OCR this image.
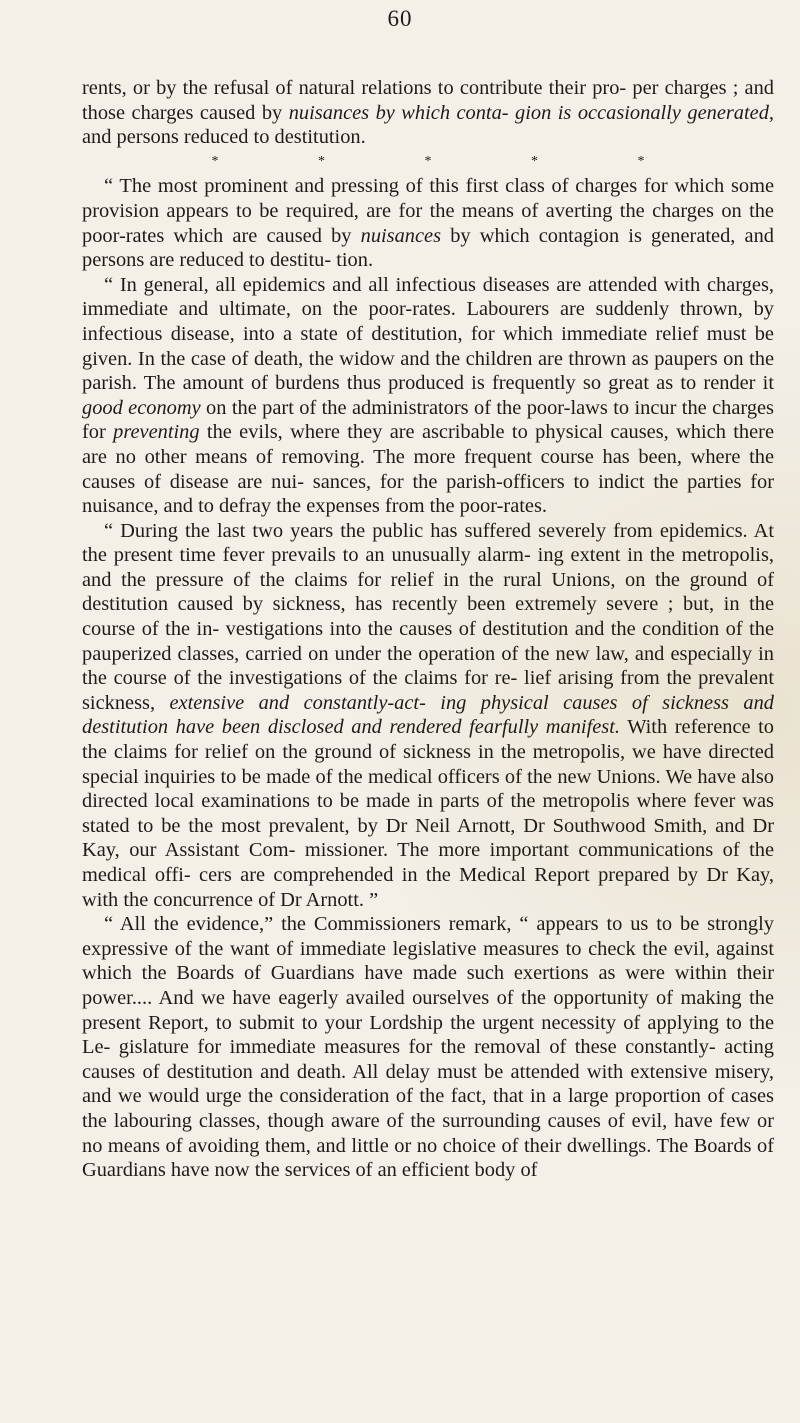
60

rents, or by the refusal of natural relations to contribute their pro- per charges ; and those charges caused by nuisances by which conta- gion is occasionally generated, and persons reduced to destitution.

* * * * *

“ The most prominent and pressing of this first class of charges for which some provision appears to be required, are for the means of averting the charges on the poor-rates which are caused by nuisances by which contagion is generated, and persons are reduced to destitu- tion.

“ In general, all epidemics and all infectious diseases are attended with charges, immediate and ultimate, on the poor-rates. Labourers are suddenly thrown, by infectious disease, into a state of destitution, for which immediate relief must be given. In the case of death, the widow and the children are thrown as paupers on the parish. The amount of burdens thus produced is frequently so great as to render it good economy on the part of the administrators of the poor-laws to incur the charges for preventing the evils, where they are ascribable to physical causes, which there are no other means of removing. The more frequent course has been, where the causes of disease are nui- sances, for the parish-officers to indict the parties for nuisance, and to defray the expenses from the poor-rates.

“ During the last two years the public has suffered severely from epidemics. At the present time fever prevails to an unusually alarm- ing extent in the metropolis, and the pressure of the claims for relief in the rural Unions, on the ground of destitution caused by sickness, has recently been extremely severe ; but, in the course of the in- vestigations into the causes of destitution and the condition of the pauperized classes, carried on under the operation of the new law, and especially in the course of the investigations of the claims for re- lief arising from the prevalent sickness, extensive and constantly-act- ing physical causes of sickness and destitution have been disclosed and rendered fearfully manifest. With reference to the claims for relief on the ground of sickness in the metropolis, we have directed special inquiries to be made of the medical officers of the new Unions. We have also directed local examinations to be made in parts of the metropolis where fever was stated to be the most prevalent, by Dr Neil Arnott, Dr Southwood Smith, and Dr Kay, our Assistant Com- missioner. The more important communications of the medical offi- cers are comprehended in the Medical Report prepared by Dr Kay, with the concurrence of Dr Arnott. ”

“ All the evidence,” the Commissioners remark, “ appears to us to be strongly expressive of the want of immediate legislative measures to check the evil, against which the Boards of Guardians have made such exertions as were within their power.... And we have eagerly availed ourselves of the opportunity of making the present Report, to submit to your Lordship the urgent necessity of applying to the Le- gislature for immediate measures for the removal of these constantly- acting causes of destitution and death. All delay must be attended with extensive misery, and we would urge the consideration of the fact, that in a large proportion of cases the labouring classes, though aware of the surrounding causes of evil, have few or no means of avoiding them, and little or no choice of their dwellings. The Boards of Guardians have now the services of an efficient body of
